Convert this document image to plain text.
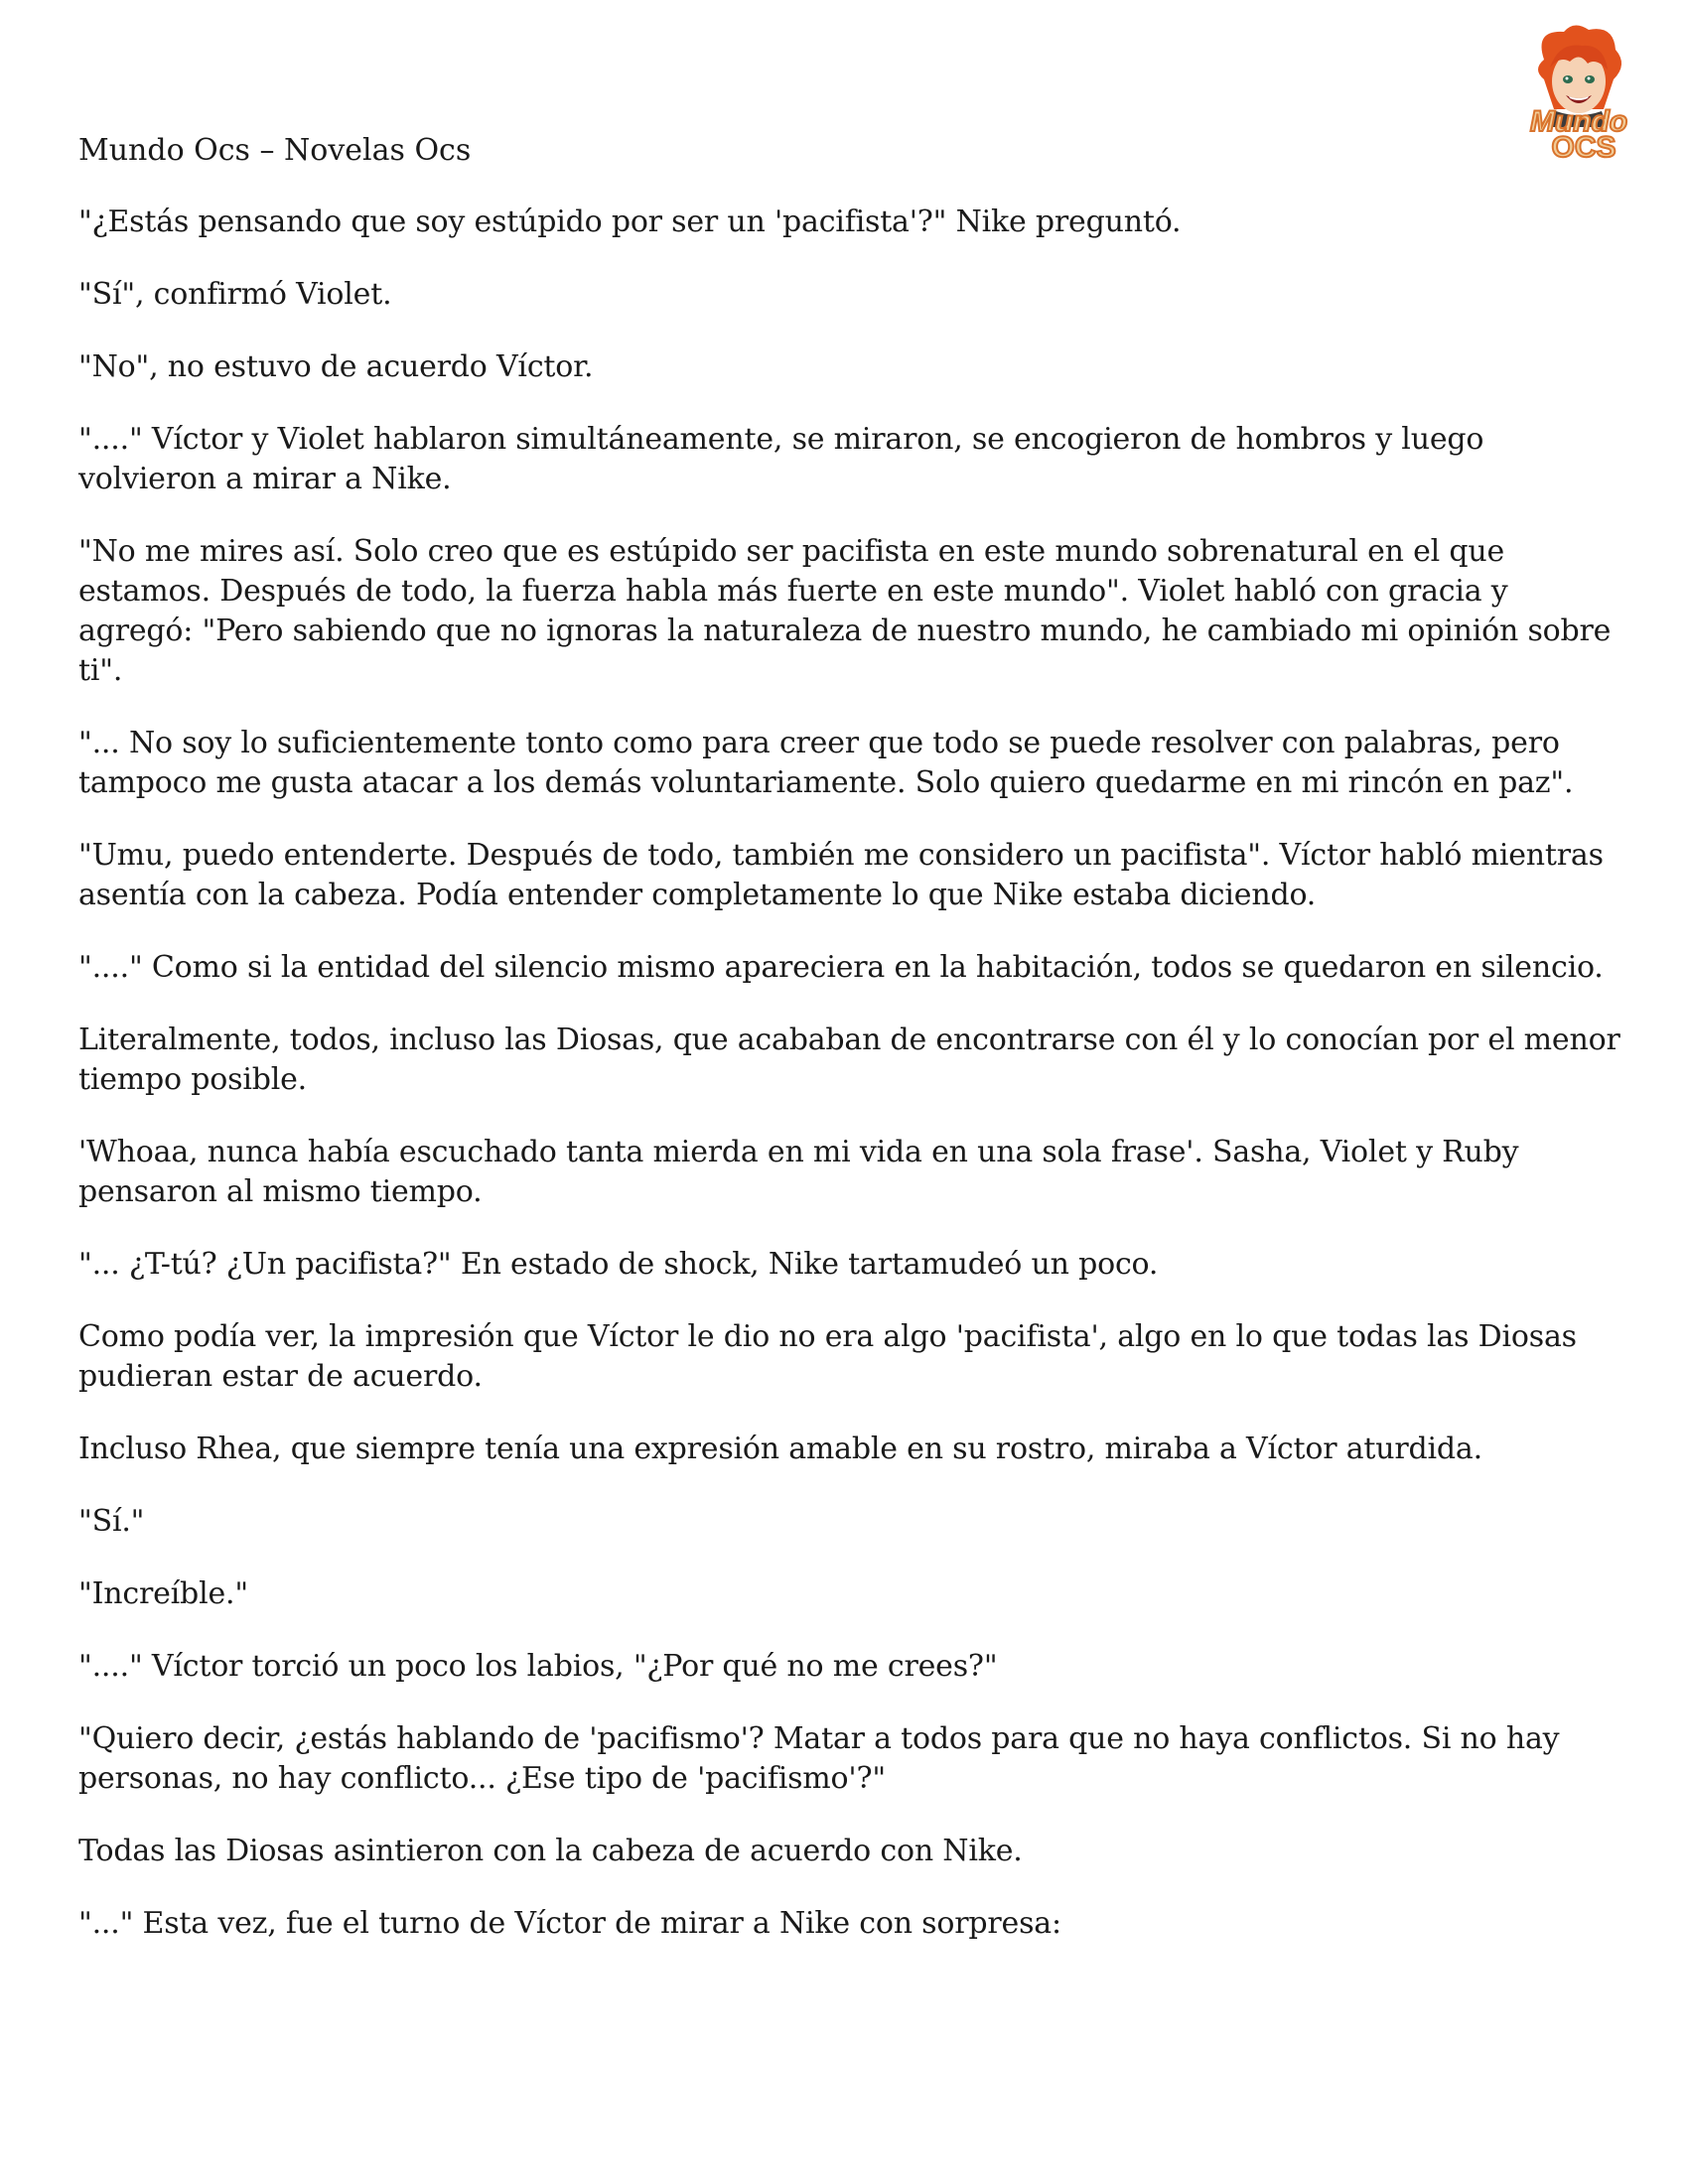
Mundo
OCS
Mundo Ocs – Novelas Ocs

"¿Estás pensando que soy estúpido por ser un 'pacifista'?" Nike preguntó.

"Sí", confirmó Violet.

"No", no estuvo de acuerdo Víctor.

"...." Víctor y Violet hablaron simultáneamente, se miraron, se encogieron de hombros y luego volvieron a mirar a Nike.

"No me mires así. Solo creo que es estúpido ser pacifista en este mundo sobrenatural en el que estamos. Después de todo, la fuerza habla más fuerte en este mundo". Violet habló con gracia y agregó: "Pero sabiendo que no ignoras la naturaleza de nuestro mundo, he cambiado mi opinión sobre ti".

"... No soy lo suficientemente tonto como para creer que todo se puede resolver con palabras, pero tampoco me gusta atacar a los demás voluntariamente. Solo quiero quedarme en mi rincón en paz".

"Umu, puedo entenderte. Después de todo, también me considero un pacifista". Víctor habló mientras asentía con la cabeza. Podía entender completamente lo que Nike estaba diciendo.

"...." Como si la entidad del silencio mismo apareciera en la habitación, todos se quedaron en silencio.

Literalmente, todos, incluso las Diosas, que acababan de encontrarse con él y lo conocían por el menor tiempo posible.

'Whoaa, nunca había escuchado tanta mierda en mi vida en una sola frase'. Sasha, Violet y Ruby pensaron al mismo tiempo.

"... ¿T-tú? ¿Un pacifista?" En estado de shock, Nike tartamudeó un poco.

Como podía ver, la impresión que Víctor le dio no era algo 'pacifista', algo en lo que todas las Diosas pudieran estar de acuerdo.

Incluso Rhea, que siempre tenía una expresión amable en su rostro, miraba a Víctor aturdida.

"Sí."

"Increíble."

"...." Víctor torció un poco los labios, "¿Por qué no me crees?"

"Quiero decir, ¿estás hablando de 'pacifismo'? Matar a todos para que no haya conflictos. Si no hay personas, no hay conflicto... ¿Ese tipo de 'pacifismo'?"

Todas las Diosas asintieron con la cabeza de acuerdo con Nike.

"..." Esta vez, fue el turno de Víctor de mirar a Nike con sorpresa:
